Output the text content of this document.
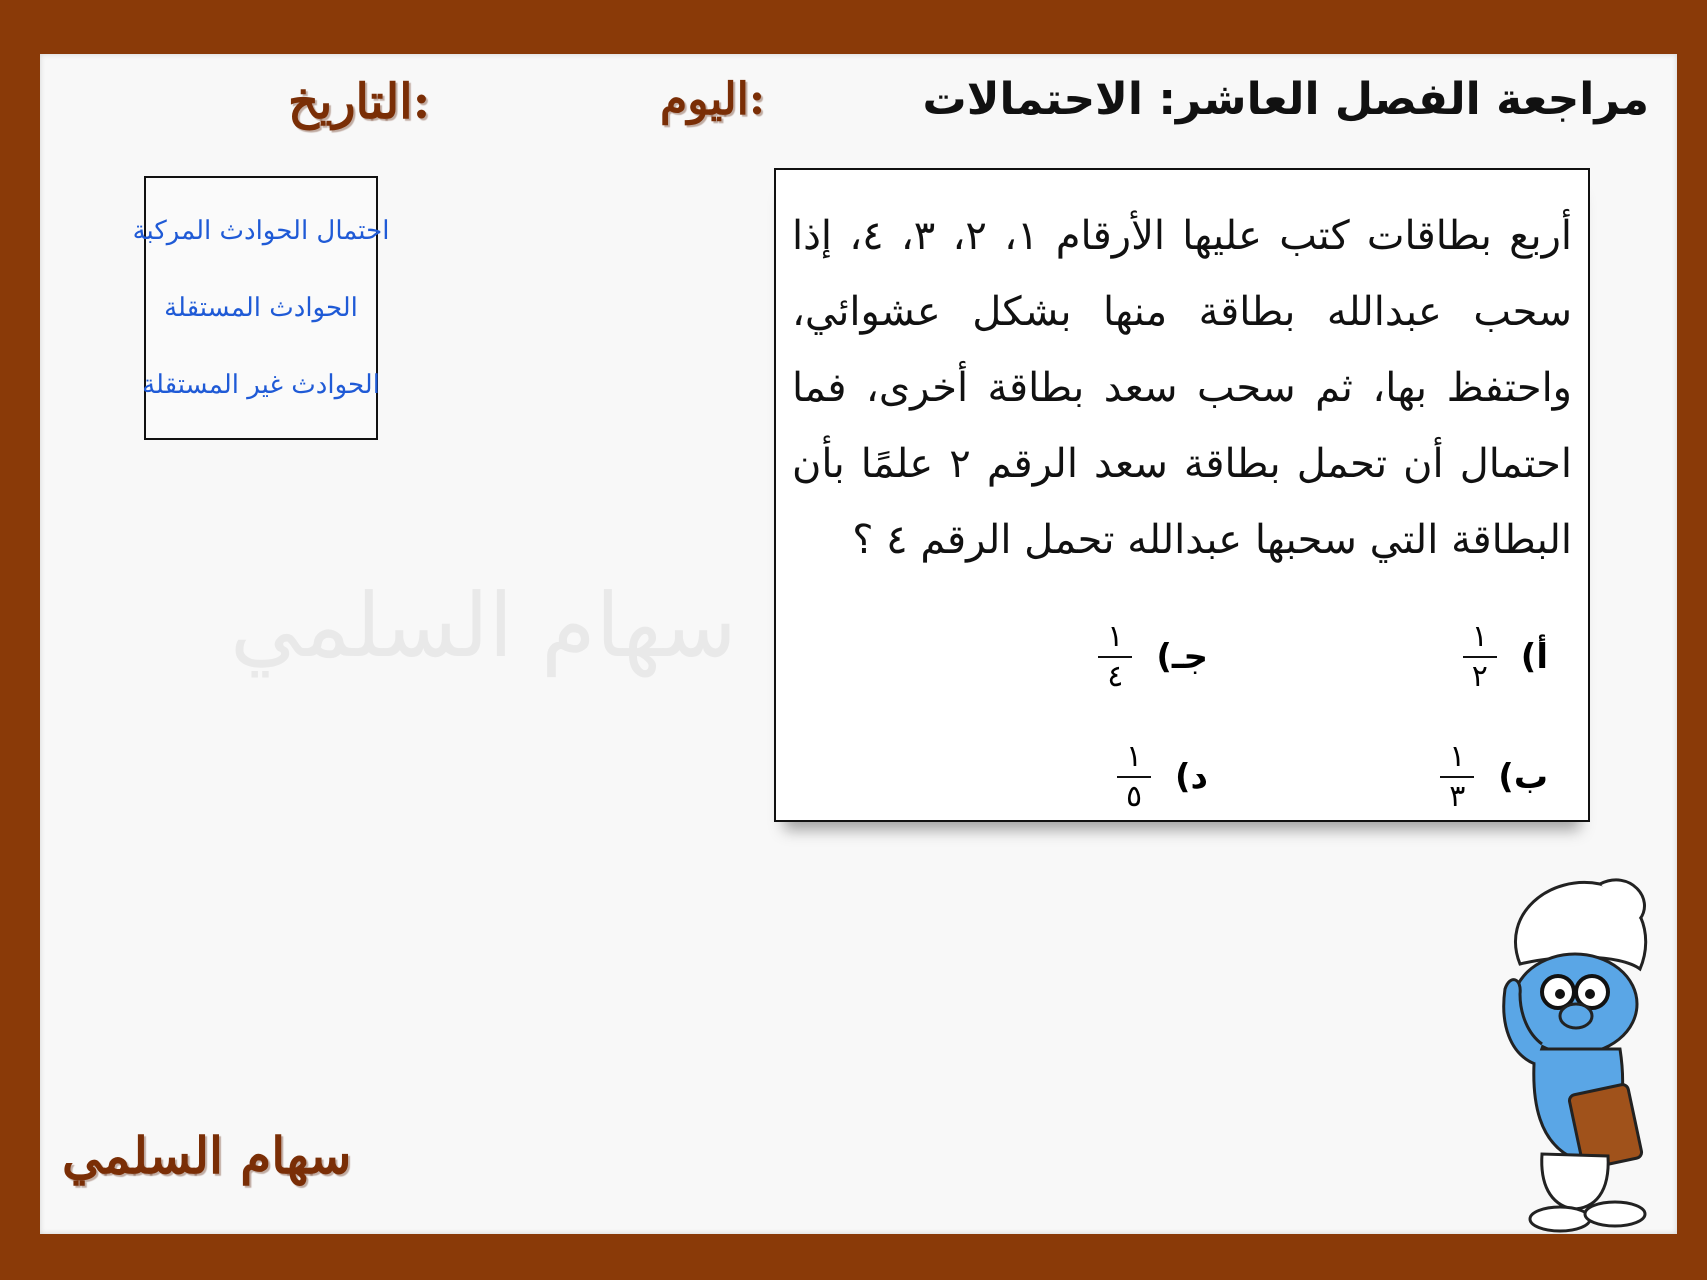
مراجعة الفصل العاشر: الاحتمالات
اليوم:
التاريخ:
احتمال الحوادث المركبة
الحوادث المستقلة
الحوادث غير المستقلة
سهام السلمي
أربع بطاقات كتب عليها الأرقام ١، ٢، ٣، ٤، إذا سحب عبدالله بطاقة منها بشكل عشوائي، واحتفظ بها، ثم سحب سعد بطاقة أخرى، فما احتمال أن تحمل بطاقة سعد الرقم ٢ علمًا بأن البطاقة التي سحبها عبدالله تحمل الرقم ٤ ؟
أ)
$\frac{١}{٢}$
جـ)
$\frac{١}{٤}$
ب)
$\frac{١}{٣}$
د)
$\frac{١}{٥}$
سهام السلمي
